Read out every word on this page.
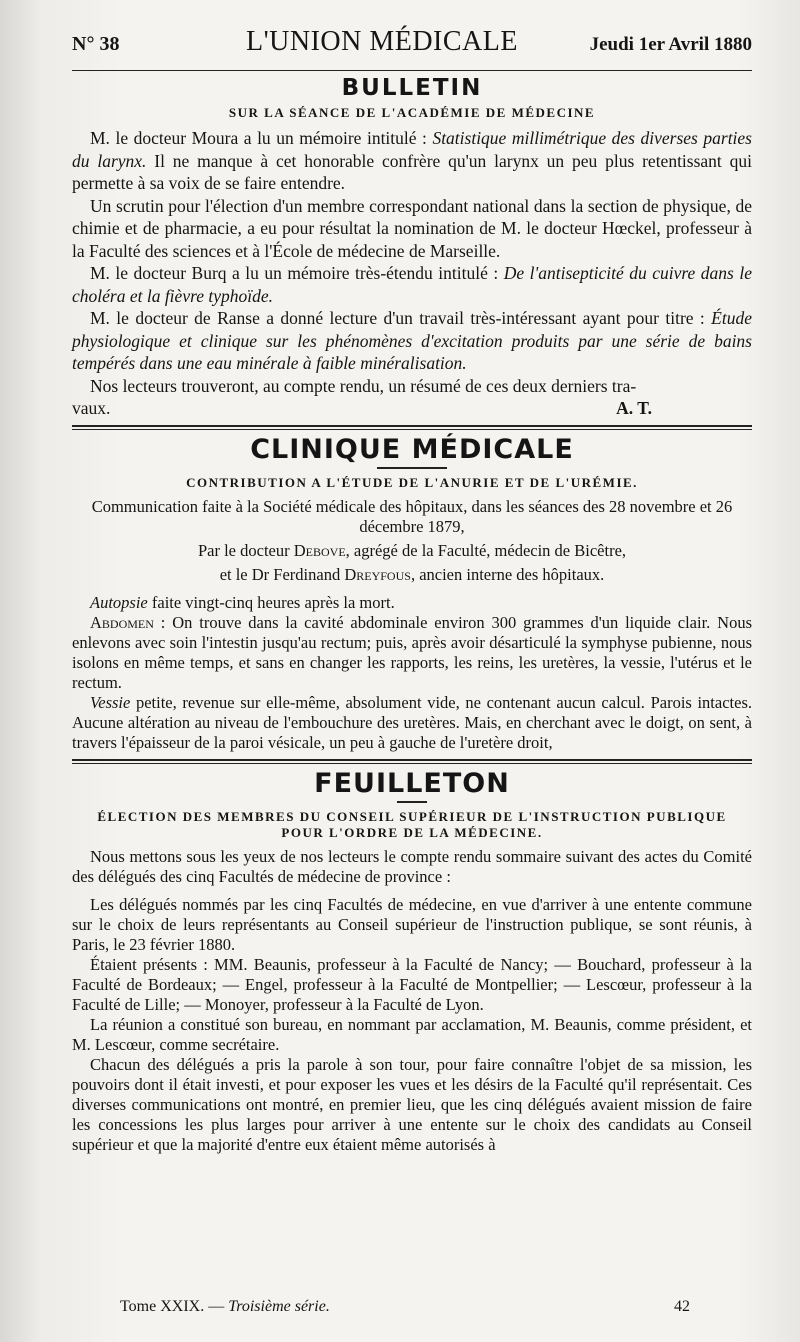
N° 38	L'UNION MÉDICALE	Jeudi 1er Avril 1880
BULLETIN
SUR LA SÉANCE DE L'ACADÉMIE DE MÉDECINE

M. le docteur Moura a lu un mémoire intitulé : Statistique millimétrique des diverses parties du larynx. Il ne manque à cet honorable confrère qu'un larynx un peu plus retentissant qui permette à sa voix de se faire entendre.

Un scrutin pour l'élection d'un membre correspondant national dans la section de physique, de chimie et de pharmacie, a eu pour résultat la nomination de M. le docteur Hœckel, professeur à la Faculté des sciences et à l'École de médecine de Marseille.

M. le docteur Burq a lu un mémoire très-étendu intitulé : De l'antisepticité du cuivre dans le choléra et la fièvre typhoïde.

M. le docteur de Ranse a donné lecture d'un travail très-intéressant ayant pour titre : Étude physiologique et clinique sur les phénomènes d'excitation produits par une série de bains tempérés dans une eau minérale à faible minéralisation.

Nos lecteurs trouveront, au compte rendu, un résumé de ces deux derniers tra-

vaux.	A. T.
CLINIQUE MÉDICALE
CONTRIBUTION A L'ÉTUDE DE L'ANURIE ET DE L'URÉMIE.

Communication faite à la Société médicale des hôpitaux, dans les séances des 28 novembre et 26 décembre 1879,

Par le docteur Debove, agrégé de la Faculté, médecin de Bicêtre,

et le Dr Ferdinand Dreyfous, ancien interne des hôpitaux.

Autopsie faite vingt-cinq heures après la mort.

Abdomen : On trouve dans la cavité abdominale environ 300 grammes d'un liquide clair. Nous enlevons avec soin l'intestin jusqu'au rectum; puis, après avoir désarticulé la symphyse pubienne, nous isolons en même temps, et sans en changer les rapports, les reins, les uretères, la vessie, l'utérus et le rectum.

Vessie petite, revenue sur elle-même, absolument vide, ne contenant aucun calcul. Parois intactes. Aucune altération au niveau de l'embouchure des uretères. Mais, en cherchant avec le doigt, on sent, à travers l'épaisseur de la paroi vésicale, un peu à gauche de l'uretère droit,

FEUILLETON
ÉLECTION DES MEMBRES DU CONSEIL SUPÉRIEUR DE L'INSTRUCTION PUBLIQUE
POUR L'ORDRE DE LA MÉDECINE.

Nous mettons sous les yeux de nos lecteurs le compte rendu sommaire suivant des actes du Comité des délégués des cinq Facultés de médecine de province :

Les délégués nommés par les cinq Facultés de médecine, en vue d'arriver à une entente commune sur le choix de leurs représentants au Conseil supérieur de l'instruction publique, se sont réunis, à Paris, le 23 février 1880.

Étaient présents : MM. Beaunis, professeur à la Faculté de Nancy; — Bouchard, professeur à la Faculté de Bordeaux; — Engel, professeur à la Faculté de Montpellier; — Lescœur, professeur à la Faculté de Lille; — Monoyer, professeur à la Faculté de Lyon.

La réunion a constitué son bureau, en nommant par acclamation, M. Beaunis, comme président, et M. Lescœur, comme secrétaire.

Chacun des délégués a pris la parole à son tour, pour faire connaître l'objet de sa mission, les pouvoirs dont il était investi, et pour exposer les vues et les désirs de la Faculté qu'il représentait. Ces diverses communications ont montré, en premier lieu, que les cinq délégués avaient mission de faire les concessions les plus larges pour arriver à une entente sur le choix des candidats au Conseil supérieur et que la majorité d'entre eux étaient même autorisés à

Tome XXIX. — Troisième série.	42
